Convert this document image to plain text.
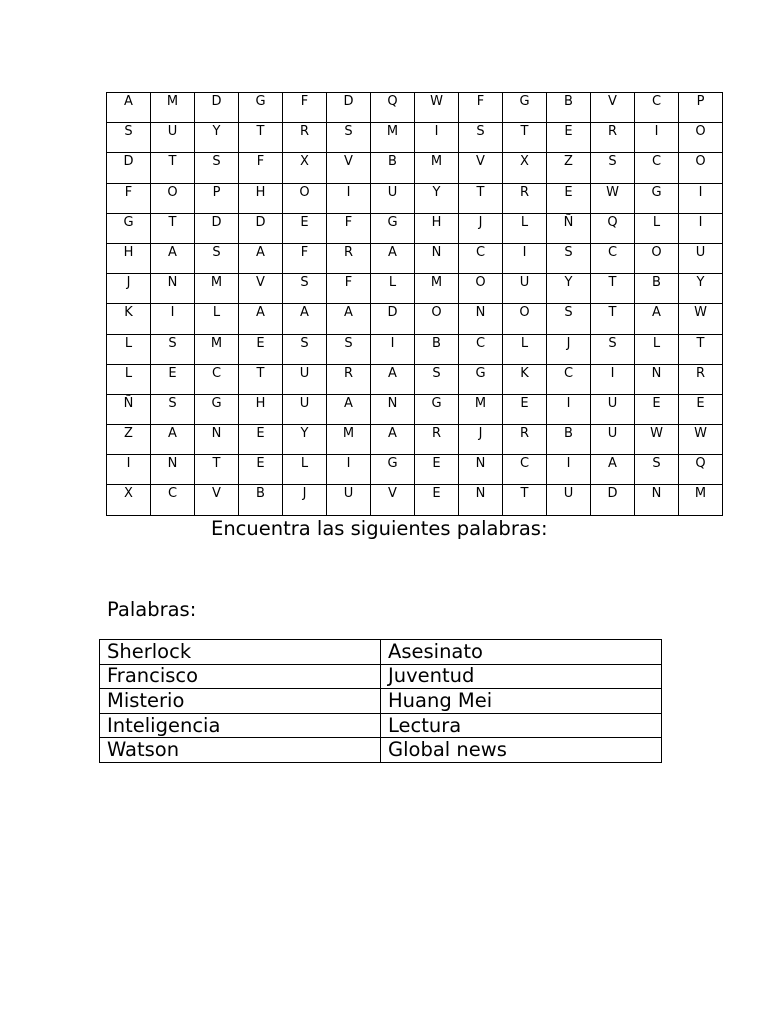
A	M	D	G	F	D	Q	W	F	G	B	V	C	P
S	U	Y	T	R	S	M	I	S	T	E	R	I	O
D	T	S	F	X	V	B	M	V	X	Z	S	C	O
F	O	P	H	O	I	U	Y	T	R	E	W	G	I
G	T	D	D	E	F	G	H	J	L	Ñ	Q	L	I
H	A	S	A	F	R	A	N	C	I	S	C	O	U
J	N	M	V	S	F	L	M	O	U	Y	T	B	Y
K	I	L	A	A	A	D	O	N	O	S	T	A	W
L	S	M	E	S	S	I	B	C	L	J	S	L	T
L	E	C	T	U	R	A	S	G	K	C	I	N	R
Ñ	S	G	H	U	A	N	G	M	E	I	U	E	E
Z	A	N	E	Y	M	A	R	J	R	B	U	W	W
I	N	T	E	L	I	G	E	N	C	I	A	S	Q
X	C	V	B	J	U	V	E	N	T	U	D	N	M
Encuentra las siguientes palabras:
Palabras:
Sherlock	Asesinato
Francisco	Juventud
Misterio	Huang Mei
Inteligencia	Lectura
Watson	Global news
